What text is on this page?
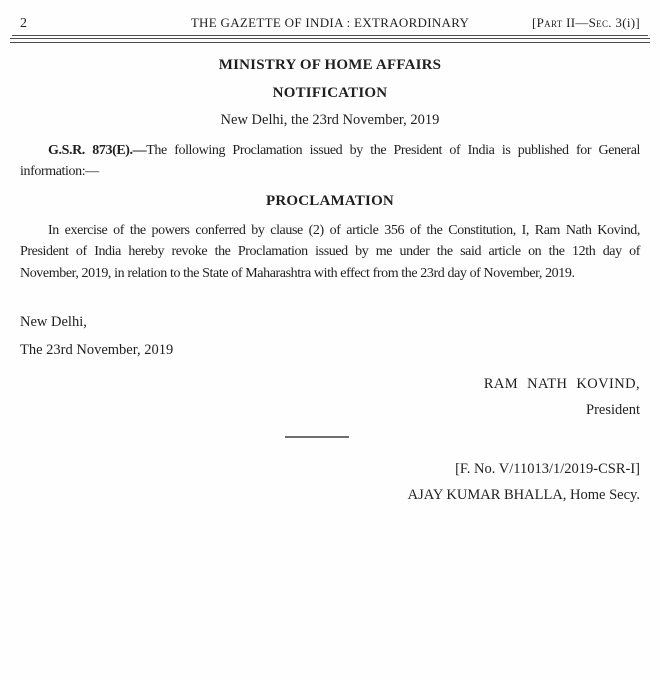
2	THE GAZETTE OF INDIA : EXTRAORDINARY	[Part II—Sec. 3(i)]
MINISTRY OF HOME AFFAIRS
NOTIFICATION
New Delhi, the 23rd November, 2019
G.S.R. 873(E).—The following Proclamation issued by the President of India is published for General
information:—
PROCLAMATION
In exercise of the powers conferred by clause (2) of article 356 of the Constitution, I, Ram Nath Kovind,
President of India hereby revoke the Proclamation issued by me under the said article on the 12th day of
November, 2019, in relation to the State of Maharashtra with effect from the 23rd day of November, 2019.
New Delhi,
The 23rd November, 2019
RAM NATH KOVIND,
President
[F. No. V/11013/1/2019-CSR-I]
AJAY KUMAR BHALLA, Home Secy.
